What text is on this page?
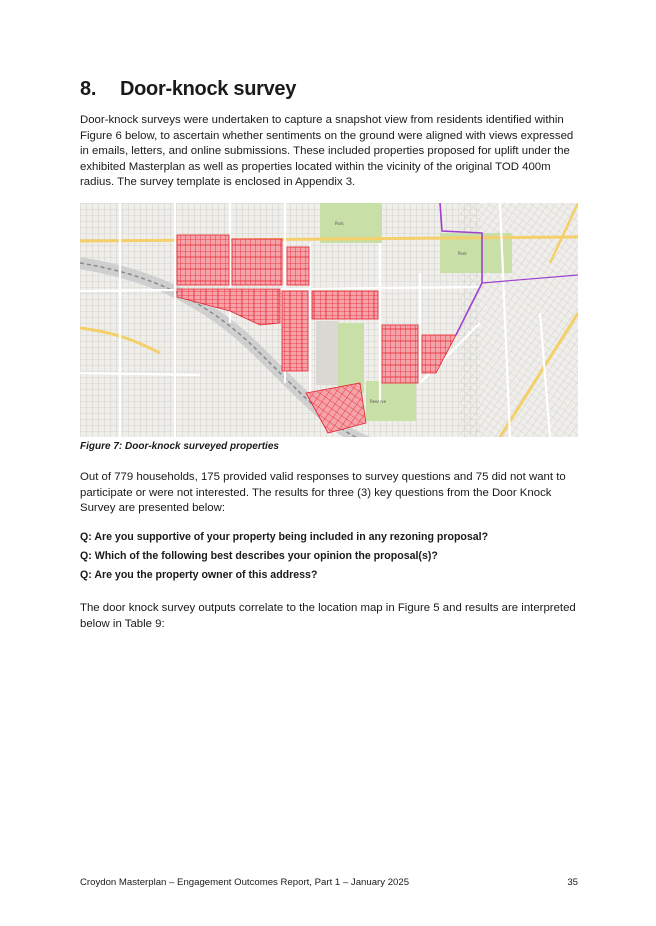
8. Door-knock survey

Door-knock surveys were undertaken to capture a snapshot view from residents identified within Figure 6 below, to ascertain whether sentiments on the ground were aligned with views expressed in emails, letters, and online submissions. These included properties proposed for uplift under the exhibited Masterplan as well as properties located within the vicinity of the original TOD 400m radius. The survey template is enclosed in Appendix 3.

Park
Park
Reserve

Figure 7: Door-knock surveyed properties

Out of 779 households, 175 provided valid responses to survey questions and 75 did not want to participate or were not interested. The results for three (3) key questions from the Door Knock Survey are presented below:

Q: Are you supportive of your property being included in any rezoning proposal?

Q: Which of the following best describes your opinion the proposal(s)?

Q: Are you the property owner of this address?

The door knock survey outputs correlate to the location map in Figure 5 and results are interpreted below in Table 9:

Croydon Masterplan – Engagement Outcomes Report, Part 1 – January 2025	35
